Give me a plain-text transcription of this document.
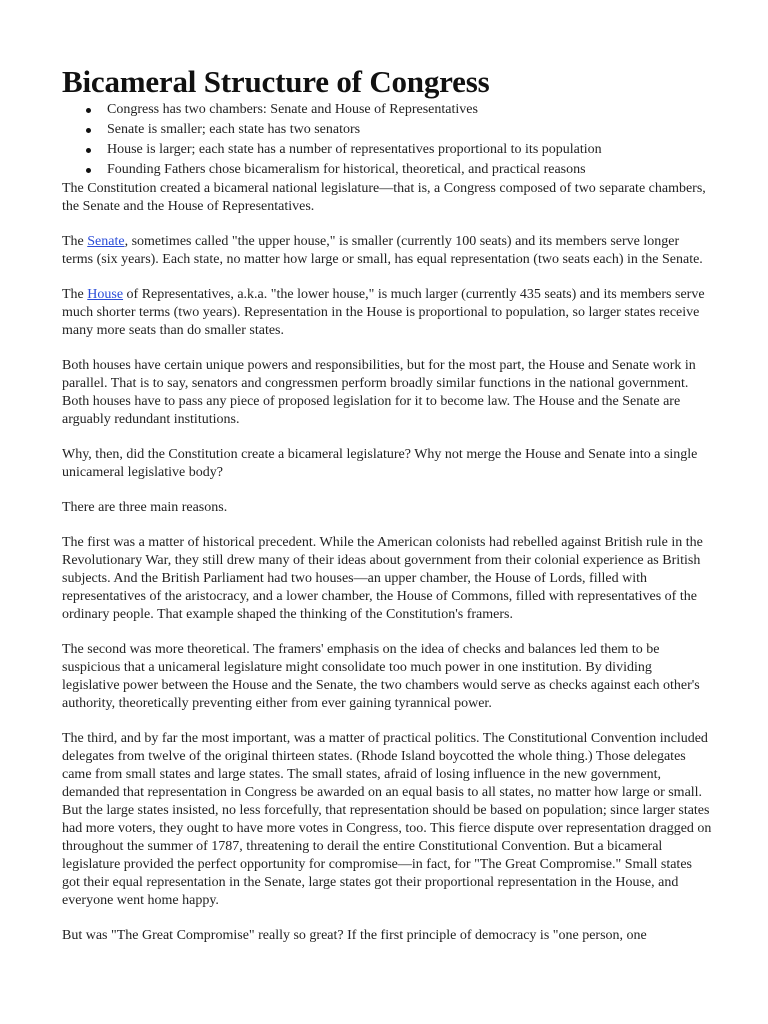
Bicameral Structure of Congress
Congress has two chambers: Senate and House of Representatives
Senate is smaller; each state has two senators
House is larger; each state has a number of representatives proportional to its population
Founding Fathers chose bicameralism for historical, theoretical, and practical reasons

The Constitution created a bicameral national legislature—that is, a Congress composed of two separate chambers, the Senate and the House of Representatives.

The Senate, sometimes called "the upper house," is smaller (currently 100 seats) and its members serve longer terms (six years). Each state, no matter how large or small, has equal representation (two seats each) in the Senate.

The House of Representatives, a.k.a. "the lower house," is much larger (currently 435 seats) and its members serve much shorter terms (two years). Representation in the House is proportional to population, so larger states receive many more seats than do smaller states.

Both houses have certain unique powers and responsibilities, but for the most part, the House and Senate work in parallel. That is to say, senators and congressmen perform broadly similar functions in the national government. Both houses have to pass any piece of proposed legislation for it to become law. The House and the Senate are arguably redundant institutions.

Why, then, did the Constitution create a bicameral legislature? Why not merge the House and Senate into a single unicameral legislative body?

There are three main reasons.

The first was a matter of historical precedent. While the American colonists had rebelled against British rule in the Revolutionary War, they still drew many of their ideas about government from their colonial experience as British subjects. And the British Parliament had two houses—an upper chamber, the House of Lords, filled with representatives of the aristocracy, and a lower chamber, the House of Commons, filled with representatives of the ordinary people. That example shaped the thinking of the Constitution's framers.

The second was more theoretical. The framers' emphasis on the idea of checks and balances led them to be suspicious that a unicameral legislature might consolidate too much power in one institution. By dividing legislative power between the House and the Senate, the two chambers would serve as checks against each other's authority, theoretically preventing either from ever gaining tyrannical power.

The third, and by far the most important, was a matter of practical politics. The Constitutional Convention included delegates from twelve of the original thirteen states. (Rhode Island boycotted the whole thing.) Those delegates came from small states and large states. The small states, afraid of losing influence in the new government, demanded that representation in Congress be awarded on an equal basis to all states, no matter how large or small. But the large states insisted, no less forcefully, that representation should be based on population; since larger states had more voters, they ought to have more votes in Congress, too. This fierce dispute over representation dragged on throughout the summer of 1787, threatening to derail the entire Constitutional Convention. But a bicameral legislature provided the perfect opportunity for compromise—in fact, for "The Great Compromise." Small states got their equal representation in the Senate, large states got their proportional representation in the House, and everyone went home happy.

But was "The Great Compromise" really so great? If the first principle of democracy is "one person, one
